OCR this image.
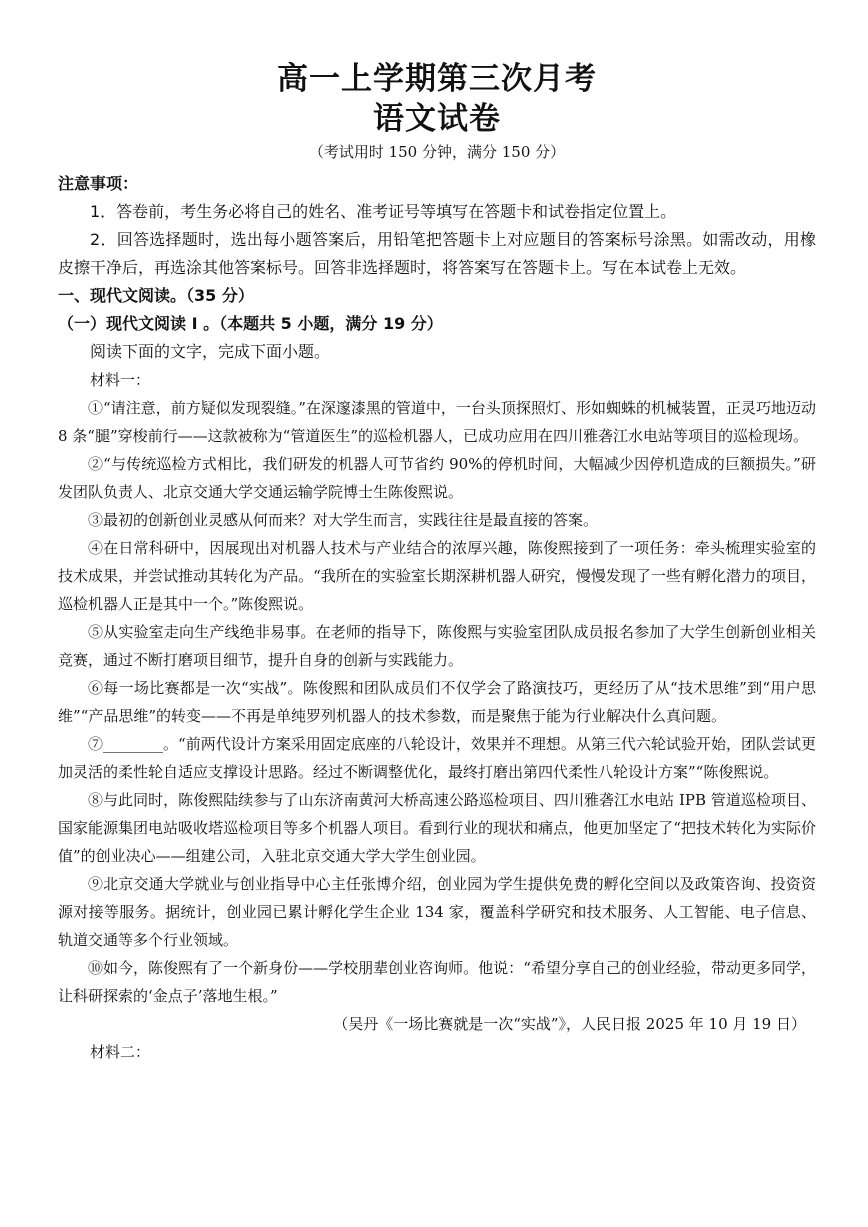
高一上学期第三次月考
语文试卷

（考试用时 150 分钟，满分 150 分）

注意事项：

1．答卷前，考生务必将自己的姓名、准考证号等填写在答题卡和试卷指定位置上。

2．回答选择题时，选出每小题答案后，用铅笔把答题卡上对应题目的答案标号涂黑。如需改动，用橡皮擦干净后，再选涂其他答案标号。回答非选择题时，将答案写在答题卡上。写在本试卷上无效。

一、现代文阅读。（35 分）

（一）现代文阅读 I 。（本题共 5 小题，满分 19 分）

阅读下面的文字，完成下面小题。

材料一：

①“请注意，前方疑似发现裂缝。”在深邃漆黑的管道中，一台头顶探照灯、形如蜘蛛的机械装置，正灵巧地迈动 8 条“腿”穿梭前行——这款被称为“管道医生”的巡检机器人，已成功应用在四川雅砻江水电站等项目的巡检现场。

②“与传统巡检方式相比，我们研发的机器人可节省约 90%的停机时间，大幅减少因停机造成的巨额损失。”研发团队负责人、北京交通大学交通运输学院博士生陈俊熙说。

③最初的创新创业灵感从何而来？对大学生而言，实践往往是最直接的答案。

④在日常科研中，因展现出对机器人技术与产业结合的浓厚兴趣，陈俊熙接到了一项任务：牵头梳理实验室的技术成果，并尝试推动其转化为产品。“我所在的实验室长期深耕机器人研究，慢慢发现了一些有孵化潜力的项目，巡检机器人正是其中一个。”陈俊熙说。

⑤从实验室走向生产线绝非易事。在老师的指导下，陈俊熙与实验室团队成员报名参加了大学生创新创业相关竞赛，通过不断打磨项目细节，提升自身的创新与实践能力。

⑥每一场比赛都是一次“实战”。陈俊熙和团队成员们不仅学会了路演技巧，更经历了从“技术思维”到“用户思维”“产品思维”的转变——不再是单纯罗列机器人的技术参数，而是聚焦于能为行业解决什么真问题。

⑦________。“前两代设计方案采用固定底座的八轮设计，效果并不理想。从第三代六轮试验开始，团队尝试更加灵活的柔性轮自适应支撑设计思路。经过不断调整优化，最终打磨出第四代柔性八轮设计方案”“陈俊熙说。

⑧与此同时，陈俊熙陆续参与了山东济南黄河大桥高速公路巡检项目、四川雅砻江水电站 IPB 管道巡检项目、国家能源集团电站吸收塔巡检项目等多个机器人项目。看到行业的现状和痛点，他更加坚定了“把技术转化为实际价值”的创业决心——组建公司，入驻北京交通大学大学生创业园。

⑨北京交通大学就业与创业指导中心主任张博介绍，创业园为学生提供免费的孵化空间以及政策咨询、投资资源对接等服务。据统计，创业园已累计孵化学生企业 134 家，覆盖科学研究和技术服务、人工智能、电子信息、轨道交通等多个行业领域。

⑩如今，陈俊熙有了一个新身份——学校朋辈创业咨询师。他说：“希望分享自己的创业经验，带动更多同学，让科研探索的‘金点子’落地生根。”

（吴丹《一场比赛就是一次“实战”》，人民日报 2025 年 10 月 19 日）

材料二：
